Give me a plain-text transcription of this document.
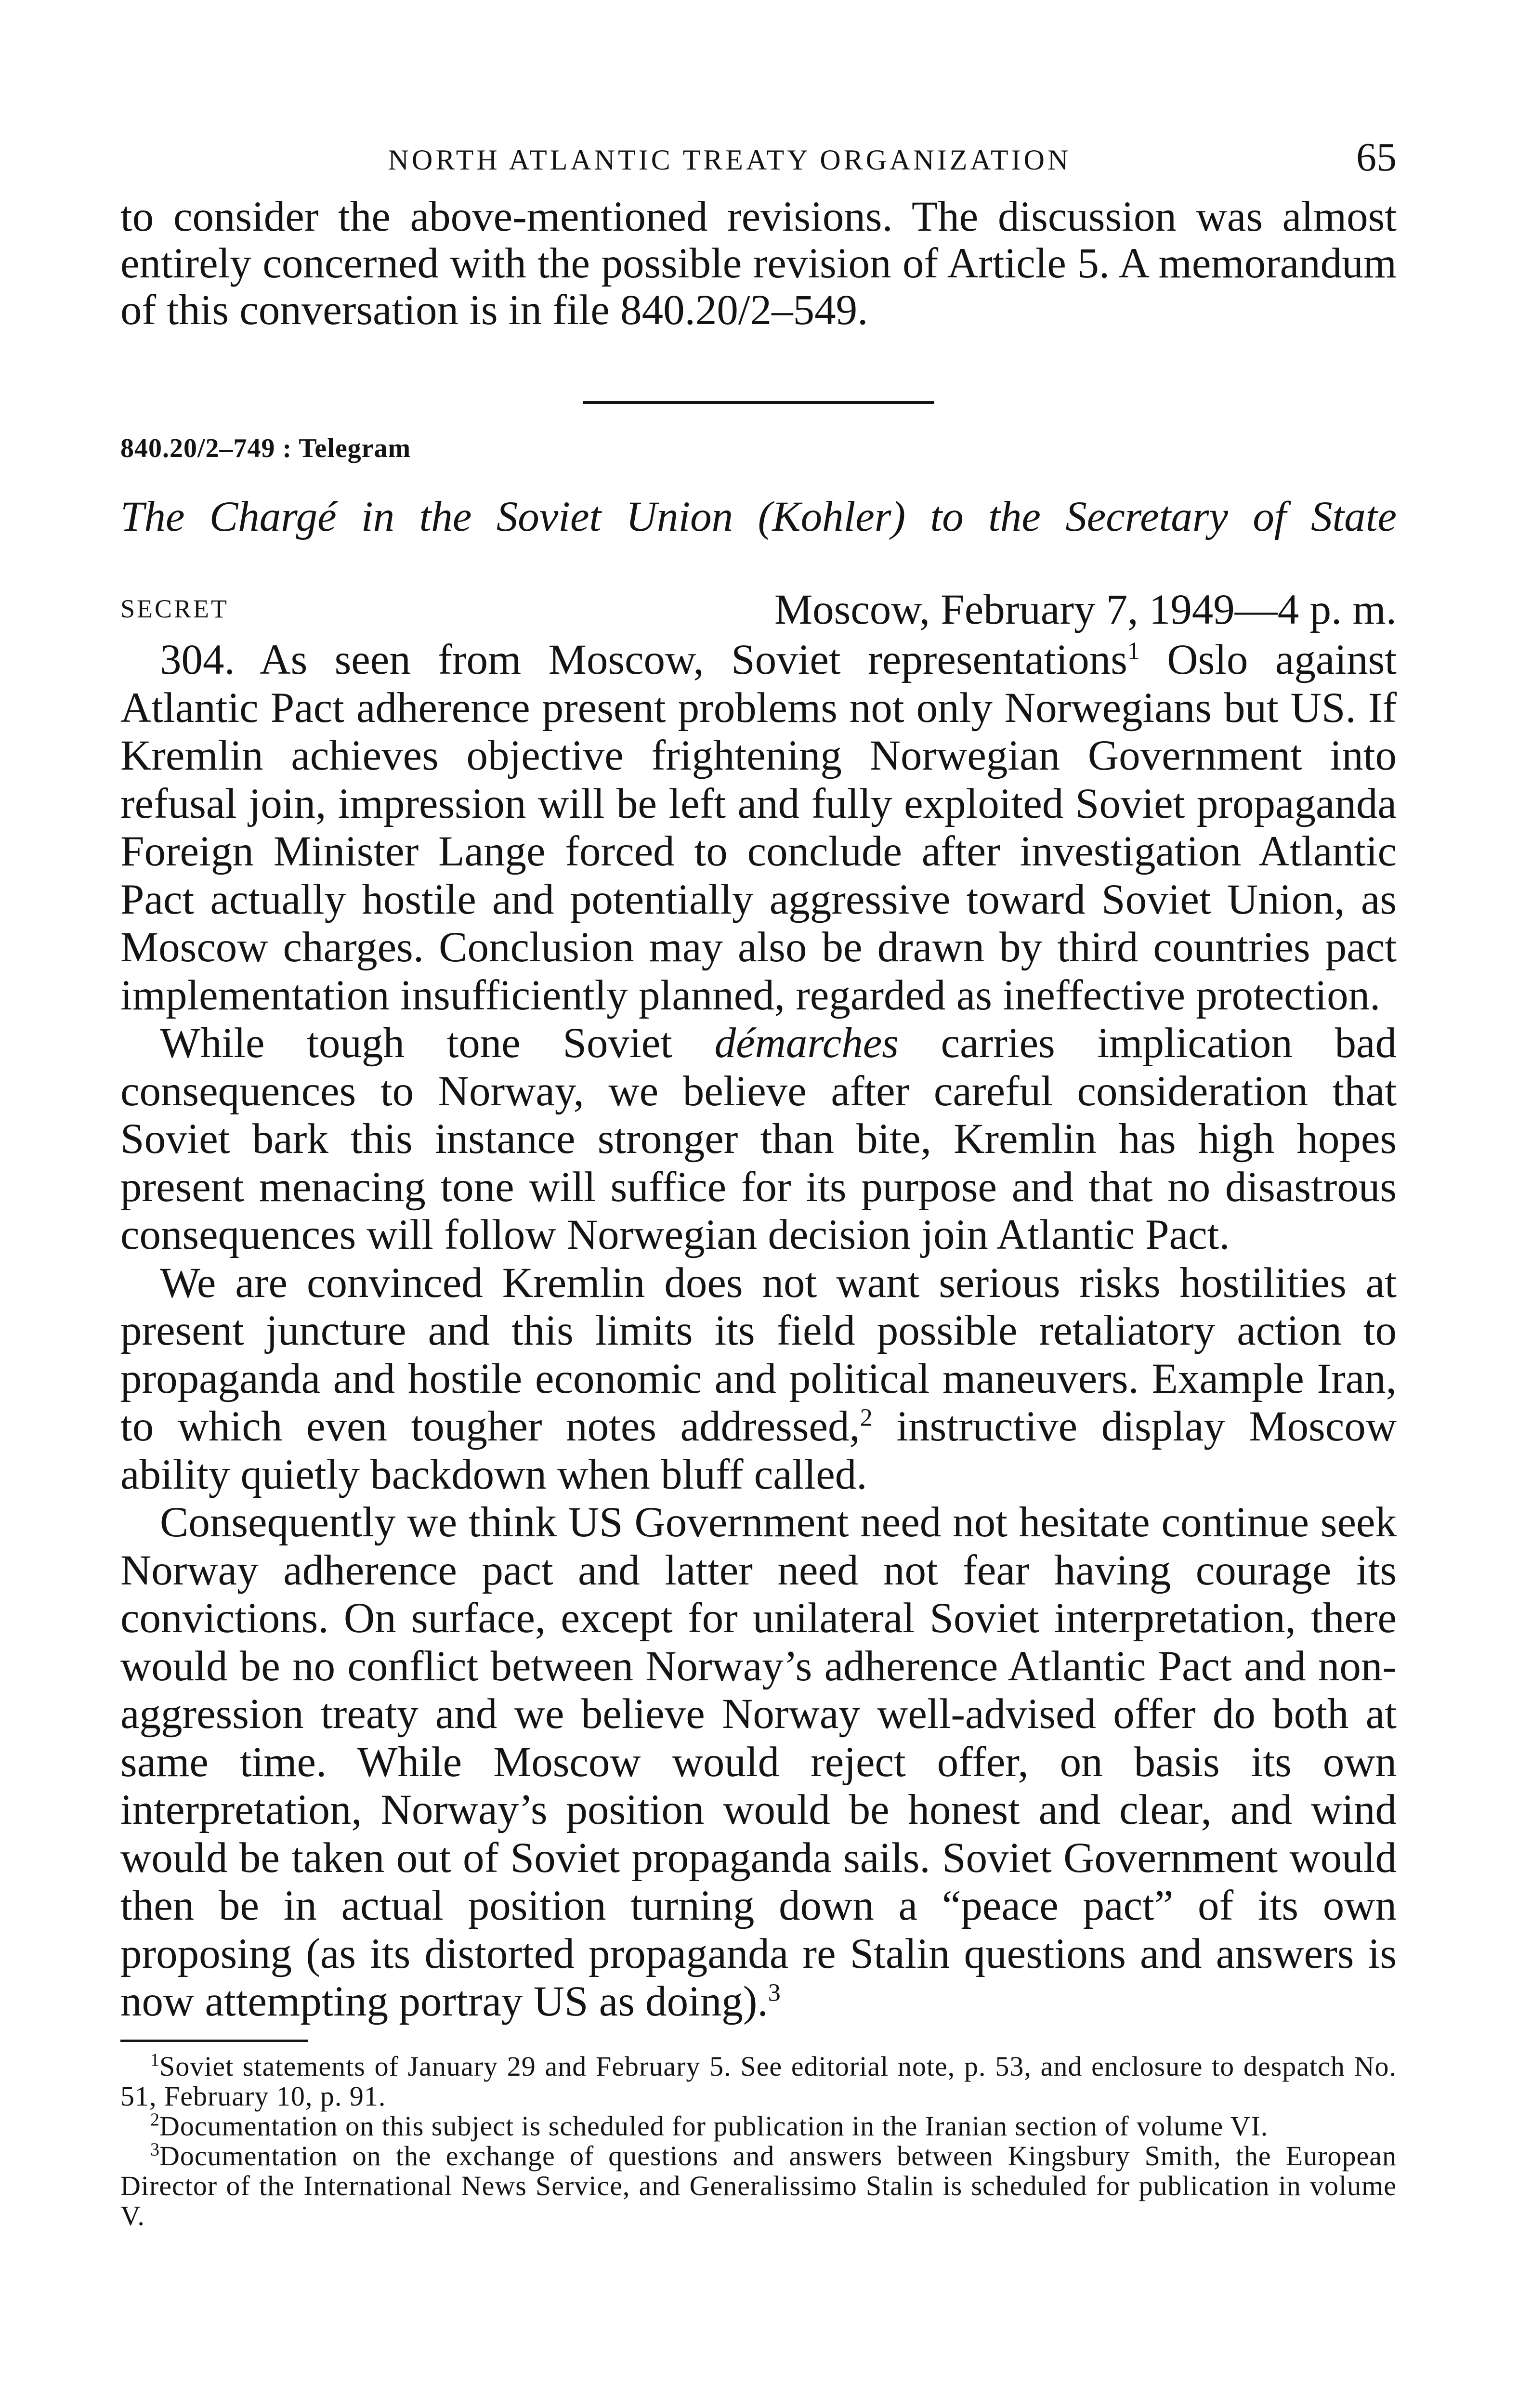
NORTH ATLANTIC TREATY ORGANIZATION	65

to consider the above-mentioned revisions. The discussion was almost entirely concerned with the possible revision of Article 5. A memorandum of this conversation is in file 840.20/2–549.

840.20/2–749 : Telegram
The Chargé in the Soviet Union (Kohler) to the Secretary of State
SECRET	Moscow, February 7, 1949—4 p. m.

304. As seen from Moscow, Soviet representations$^1$ Oslo against Atlantic Pact adherence present problems not only Norwegians but US. If Kremlin achieves objective frightening Norwegian Government into refusal join, impression will be left and fully exploited Soviet propaganda Foreign Minister Lange forced to conclude after investigation Atlantic Pact actually hostile and potentially aggressive toward Soviet Union, as Moscow charges. Conclusion may also be drawn by third countries pact implementation insufficiently planned, regarded as ineffective protection.

While tough tone Soviet démarches carries implication bad consequences to Norway, we believe after careful consideration that Soviet bark this instance stronger than bite, Kremlin has high hopes present menacing tone will suffice for its purpose and that no disastrous consequences will follow Norwegian decision join Atlantic Pact.

We are convinced Kremlin does not want serious risks hostilities at present juncture and this limits its field possible retaliatory action to propaganda and hostile economic and political maneuvers. Example Iran, to which even tougher notes addressed,$^2$ instructive display Moscow ability quietly backdown when bluff called.

Consequently we think US Government need not hesitate continue seek Norway adherence pact and latter need not fear having courage its convictions. On surface, except for unilateral Soviet interpretation, there would be no conflict between Norway’s adherence Atlantic Pact and non-aggression treaty and we believe Norway well-advised offer do both at same time. While Moscow would reject offer, on basis its own interpretation, Norway’s position would be honest and clear, and wind would be taken out of Soviet propaganda sails. Soviet Government would then be in actual position turning down a “peace pact” of its own proposing (as its distorted propaganda re Stalin questions and answers is now attempting portray US as doing).$^3$

$^1$Soviet statements of January 29 and February 5. See editorial note, p. 53, and enclosure to despatch No. 51, February 10, p. 91.

$^2$Documentation on this subject is scheduled for publication in the Iranian section of volume VI.

$^3$Documentation on the exchange of questions and answers between Kingsbury Smith, the European Director of the International News Service, and Generalissimo Stalin is scheduled for publication in volume V.
